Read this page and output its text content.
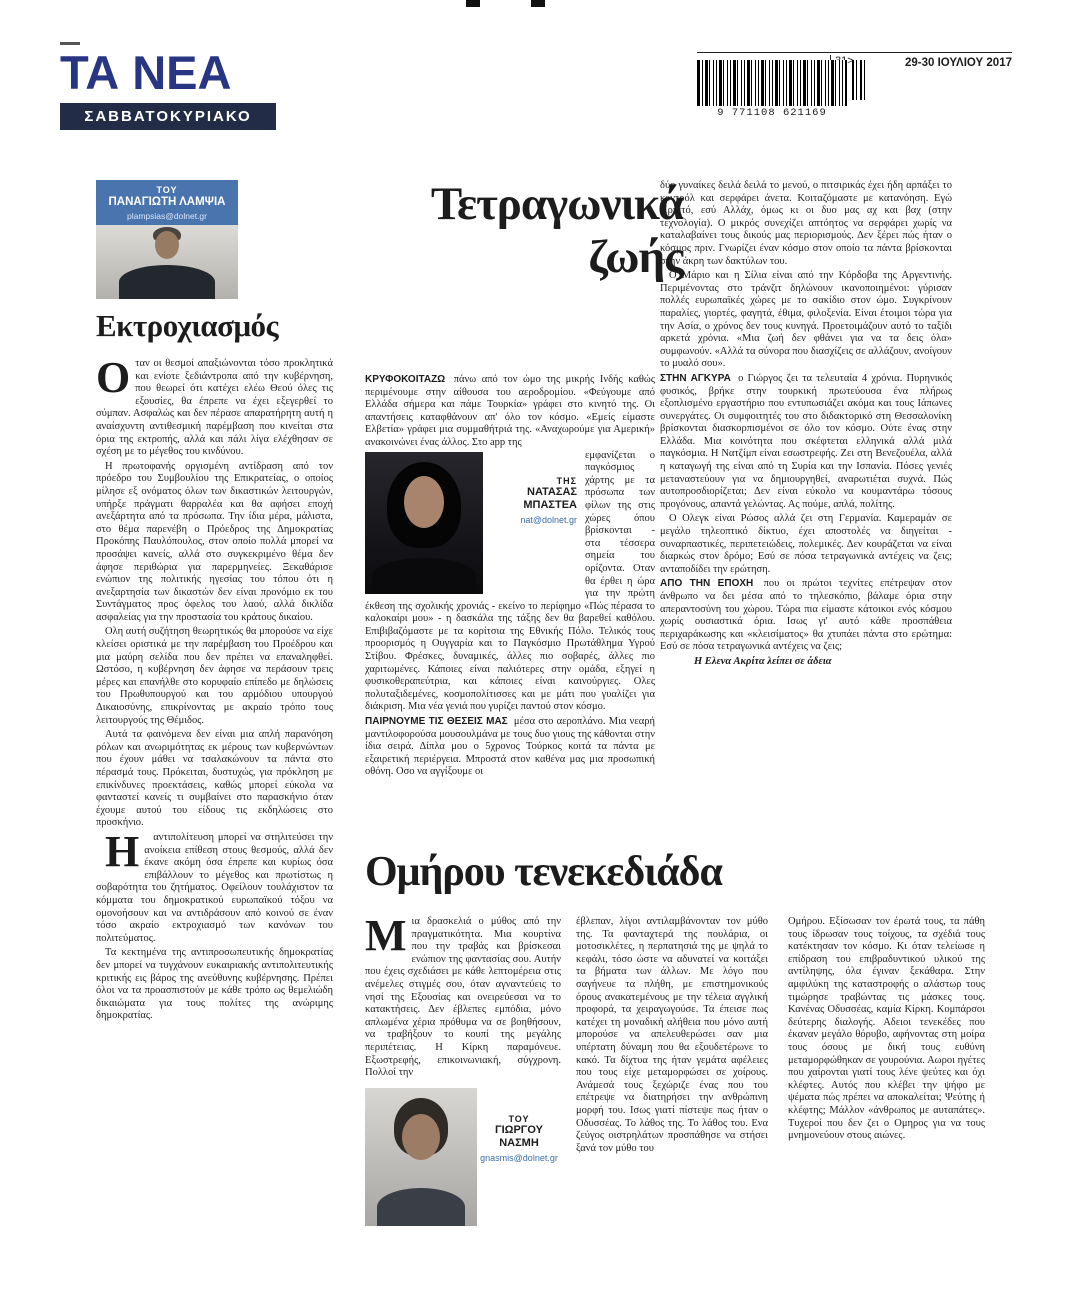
ΤΑ ΝΕΑ
ΣΑΒΒΑΤΟΚΥΡΙΑΚΟ
29-30 ΙΟΥΛΙΟΥ 2017
9 771108 621169
ΤΟΥ
ΠΑΝΑΓΙΩΤΗ ΛΑΜΨΙΑ
plampsias@dolnet.gr
Εκτροχιασμός

Οταν οι θεσμοί απαξιώνονται τόσο προκλητικά και ενίοτε ξεδιάντροπα από την κυβέρνηση, που θεωρεί ότι κατέχει ελέω Θεού όλες τις εξουσίες, θα έπρεπε να έχει εξεγερθεί το σύμπαν. Ασφαλώς και δεν πέρασε απαρατήρητη αυτή η αναίσχυντη αντιθεσμική παρέμβαση που κινείται στα όρια της εκτροπής, αλλά και πάλι λίγα ελέχθησαν σε σχέση με το μέγεθος του κινδύνου.

Η πρωτοφανής οργισμένη αντίδραση από τον πρόεδρο του Συμβουλίου της Επικρατείας, ο οποίος μίλησε εξ ονόματος όλων των δικαστικών λειτουργών, υπήρξε πράγματι θαρραλέα και θα αφήσει εποχή ανεξάρτητα από τα πρόσωπα. Την ίδια μέρα, μάλιστα, στο θέμα παρενέβη ο Πρόεδρος της Δημοκρατίας Προκόπης Παυλόπουλος, στον οποίο πολλά μπορεί να προσάψει κανείς, αλλά στο συγκεκριμένο θέμα δεν άφησε περιθώρια για παρερμηνείες. Ξεκαθάρισε ενώπιον της πολιτικής ηγεσίας του τόπου ότι η ανεξαρτησία των δικαστών δεν είναι προνόμιο εκ του Συντάγματος προς όφελος του λαού, αλλά δικλίδα ασφαλείας για την προστασία του κράτους δικαίου.

Ολη αυτή συζήτηση θεωρητικώς θα μπορούσε να είχε κλείσει οριστικά με την παρέμβαση του Προέδρου και μια μαύρη σελίδα που δεν πρέπει να επαναληφθεί. Ωστόσο, η κυβέρνηση δεν άφησε να περάσουν τρεις μέρες και επανήλθε στο κορυφαίο επίπεδο με δηλώσεις του Πρωθυπουργού και του αρμόδιου υπουργού Δικαιοσύνης, επικρίνοντας με ακραίο τρόπο τους λειτουργούς της Θέμιδος.

Αυτά τα φαινόμενα δεν είναι μια απλή παρανόηση ρόλων και ανωριμότητας εκ μέρους των κυβερνώντων που έχουν μάθει να τσαλακώνουν τα πάντα στο πέρασμά τους. Πρόκειται, δυστυχώς, για πρόκληση με επικίνδυνες προεκτάσεις, καθώς μπορεί εύκολα να φανταστεί κανείς τι συμβαίνει στο παρασκήνιο όταν έχουμε αυτού του είδους τις εκδηλώσεις στο προσκήνιο.

Η	αντιπολίτευση μπορεί να στηλιτεύσει την ανοίκεια επίθεση στους θεσμούς, αλλά δεν έκανε ακόμη όσα έπρεπε και κυρίως όσα επιβάλλουν το μέγεθος και πρωτίστως η σοβαρότητα του ζητήματος. Οφείλουν τουλάχιστον τα κόμματα του δημοκρατικού ευρωπαϊκού τόξου να ομονοήσουν και να αντιδράσουν από κοινού σε έναν τόσο ακραίο εκτροχιασμό των κανόνων του πολιτεύματος.

Τα κεκτημένα της αντιπροσωπευτικής δημοκρατίας δεν μπορεί να τυγχάνουν ευκαιριακής αντιπολιτευτικής κριτικής εις βάρος της ανεύθυνης κυβέρνησης. Πρέπει όλοι να τα προασπιστούν με κάθε τρόπο ως θεμελιώδη δικαιώματα για τους πολίτες της ανώριμης δημοκρατίας.

Τετραγωνικά
ζωής

ΚΡΥΦΟΚΟΙΤΑΖΩ πάνω από τον ώμο της μικρής Ινδής καθώς περιμένουμε στην αίθουσα του αεροδρομίου. «Φεύγουμε από Ελλάδα σήμερα και πάμε Τουρκία» γράφει στο κινητό της. Οι απαντήσεις καταφθάνουν απ' όλο τον κόσμο. «Εμείς είμαστε Ελβετία» γράφει μια συμμαθήτριά της. «Αναχωρούμε για Αμερική» ανακοινώνει ένας άλλος. Στο app της

ΤΗΣ
ΝΑΤΑΣΑΣ
ΜΠΑΣΤΕΑ
nat@dolnet.gr

εμφανίζεται ο παγκόσμιος χάρτης με τα πρόσωπα των φίλων της στις χώρες όπου βρίσκονται - στα τέσσερα σημεία του ορίζοντα. Οταν θα έρθει η ώρα για την πρώτη έκθεση της σχολικής χρονιάς - εκείνο το περίφημο «Πώς πέρασα το καλοκαίρι μου» - η δασκάλα της τάξης δεν θα βαρεθεί καθόλου. Επιβιβαζόμαστε με τα κορίτσια της Εθνικής Πόλο. Τελικός τους προορισμός η Ουγγαρία και το Παγκόσμιο Πρωτάθλημα Υγρού Στίβου. Φρέσκες, δυναμικές, άλλες πιο σοβαρές, άλλες πιο χαριτωμένες. Κάποιες είναι παλιότερες στην ομάδα, εξηγεί η φυσικοθεραπεύτρια, και κάποιες είναι καινούργιες. Ολες πολυταξιδεμένες, κοσμοπολίτισσες και με μάτι που γυαλίζει για διάκριση. Μια νέα γενιά που γυρίζει παντού στον κόσμο.

ΠΑΙΡΝΟΥΜΕ ΤΙΣ ΘΕΣΕΙΣ ΜΑΣ μέσα στο αεροπλάνο. Μια νεαρή μαντιλοφορούσα μουσουλμάνα με τους δυο γιους της κάθονται στην ίδια σειρά. Δίπλα μου ο 5χρονος Τούρκος κοιτά τα πάντα με εξαιρετική περιέργεια. Μπροστά στον καθένα μας μια προσωπική οθόνη. Οσο να αγγίξουμε οι

δύο γυναίκες δειλά δειλά το μενού, ο πιτσιρικάς έχει ήδη αρπάξει το κοντρόλ και σερφάρει άνετα. Κοιταζόμαστε με κατανόηση. Εγώ Χριστό, εσύ Αλλάχ, όμως κι οι δυο μας αχ και βαχ (στην τεχνολογία). Ο μικρός συνεχίζει απτόητος να σερφάρει χωρίς να καταλαβαίνει τους δικούς μας περιορισμούς. Δεν ξέρει πώς ήταν ο κόσμος πριν. Γνωρίζει έναν κόσμο στον οποίο τα πάντα βρίσκονται στην άκρη των δακτύλων του.

Ο Μάριο και η Σίλια είναι από την Κόρδοβα της Αργεντινής. Περιμένοντας στο τράνζιτ δηλώνουν ικανοποιημένοι: γύρισαν πολλές ευρωπαϊκές χώρες με το σακίδιο στον ώμο. Συγκρίνουν παραλίες, γιορτές, φαγητά, έθιμα, φιλοξενία. Είναι έτοιμοι τώρα για την Ασία, ο χρόνος δεν τους κυνηγά. Προετοιμάζουν αυτό το ταξίδι αρκετά χρόνια. «Μια ζωή δεν φθάνει για να τα δεις όλα» συμφωνούν. «Αλλά τα σύνορα που διασχίζεις σε αλλάζουν, ανοίγουν το μυαλό σου».

ΣΤΗΝ ΑΓΚΥΡΑ ο Γιώργος ζει τα τελευταία 4 χρόνια. Πυρηνικός φυσικός, βρήκε στην τουρκική πρωτεύουσα ένα πλήρως εξοπλισμένο εργαστήριο που εντυπωσιάζει ακόμα και τους Ιάπωνες συνεργάτες. Οι συμφοιτητές του στο διδακτορικό στη Θεσσαλονίκη βρίσκονται διασκορπισμένοι σε όλο τον κόσμο. Ούτε ένας στην Ελλάδα. Μια κοινότητα που σκέφτεται ελληνικά αλλά μιλά παγκόσμια. Η Νατζίμπ είναι εσωστρεφής. Ζει στη Βενεζουέλα, αλλά η καταγωγή της είναι από τη Συρία και την Ισπανία. Πόσες γενιές μεταναστεύουν για να δημιουργηθεί, αναρωτιέται συχνά. Πώς αυτοπροσδιορίζεται; Δεν είναι εύκολο να κουμαντάρω τόσους προγόνους, απαντά γελώντας. Ας πούμε, απλά, πολίτης.

Ο Ολεγκ είναι Ρώσος αλλά ζει στη Γερμανία. Καμεραμάν σε μεγάλο τηλεοπτικό δίκτυο, έχει αποστολές να διηγείται - συναρπαστικές, περιπετειώδεις, πολεμικές. Δεν κουράζεται να είναι διαρκώς στον δρόμο; Εσύ σε πόσα τετραγωνικά αντέχεις να ζεις; ανταποδίδει την ερώτηση.

ΑΠΟ ΤΗΝ ΕΠΟΧΗ που οι πρώτοι τεχνίτες επέτρεψαν στον άνθρωπο να δει μέσα από το τηλεσκόπιο, βάλαμε όρια στην απεραντοσύνη του χώρου. Τώρα πια είμαστε κάτοικοι ενός κόσμου χωρίς ουσιαστικά όρια. Ισως γι' αυτό κάθε προσπάθεια περιχαράκωσης και «κλεισίματος» θα χτυπάει πάντα στο ερώτημα: Εσύ σε πόσα τετραγωνικά αντέχεις να ζεις;

Η Ελενα Ακρίτα λείπει σε άδεια

Ομήρου τενεκεδιάδα

Μια δρασκελιά ο μύθος από την πραγματικότητα. Μια κουρτίνα που την τραβάς και βρίσκεσαι ενώπιον της φαντασίας σου. Αυτήν που έχεις σχεδιάσει με κάθε λεπτομέρεια στις ανέμελες στιγμές σου, όταν αγναντεύεις το νησί της Εξουσίας και ονειρεύεσαι να το κατακτήσεις. Δεν έβλεπες εμπόδια, μόνο απλωμένα χέρια πρόθυμα να σε βοηθήσουν, να τραβήξουν το κουπί της μεγάλης περιπέτειας. Η Κίρκη παραμόνευε. Εξωστρεφής, επικοινωνιακή, σύγχρονη. Πολλοί την

ΤΟΥ
ΓΙΩΡΓΟΥ
ΝΑΣΜΗ
gnasmis@dolnet.gr

έβλεπαν, λίγοι αντιλαμβάνονταν τον μύθο της. Τα φανταχτερά της πουλάρια, οι μοτοσικλέτες, η περπατησιά της με ψηλά το κεφάλι, τόσο ώστε να αδυνατεί να κοιτάξει τα βήματα των άλλων. Με λόγο που σαγήνευε τα πλήθη, με επιστημονικούς όρους ανακατεμένους με την τέλεια αγγλική προφορά, τα χειραγωγούσε. Τα έπεισε πως κατέχει τη μοναδική αλήθεια που μόνο αυτή μπορούσε να απελευθερώσει σαν μια υπέρτατη δύναμη που θα εξουδετέρωνε το κακό. Τα δίχτυα της ήταν γεμάτα αφέλειες που τους είχε μεταμορφώσει σε χοίρους. Ανάμεσά τους ξεχώριζε ένας που του επέτρεψε να διατηρήσει την ανθρώπινη μορφή του. Ισως γιατί πίστεψε πως ήταν ο Οδυσσέας. Το λάθος της. Το λάθος του. Ενα ζεύγος οιστρηλάτων προσπάθησε να στήσει ξανά τον μύθο του

Ομήρου. Εξίσωσαν τον έρωτά τους, τα πάθη τους ίδρωσαν τους τοίχους, τα σχέδιά τους κατέκτησαν τον κόσμο. Κι όταν τελείωσε η επίδραση του επιβραδυντικού υλικού της αντίληψης, όλα έγιναν ξεκάθαρα. Στην αμφιλύκη της καταστροφής ο αλάστωρ τους τιμώρησε τραβώντας τις μάσκες τους. Κανένας Οδυσσέας, καμία Κίρκη. Κομπάρσοι δεύτερης διαλογής. Αδειοι τενεκέδες που έκαναν μεγάλο θόρυβο, αφήνοντας στη μοίρα τους όσους με δική τους ευθύνη μεταμορφώθηκαν σε γουρούνια. Αωροι ηγέτες που χαίρονται γιατί τους λένε ψεύτες και όχι κλέφτες. Αυτός που κλέβει την ψήφο με ψέματα πώς πρέπει να αποκαλείται; Ψεύτης ή κλέφτης; Μάλλον «άνθρωπος με αυταπάτες». Τυχεροί που δεν ζει ο Ομηρος για να τους μνημονεύουν στους αιώνες.
